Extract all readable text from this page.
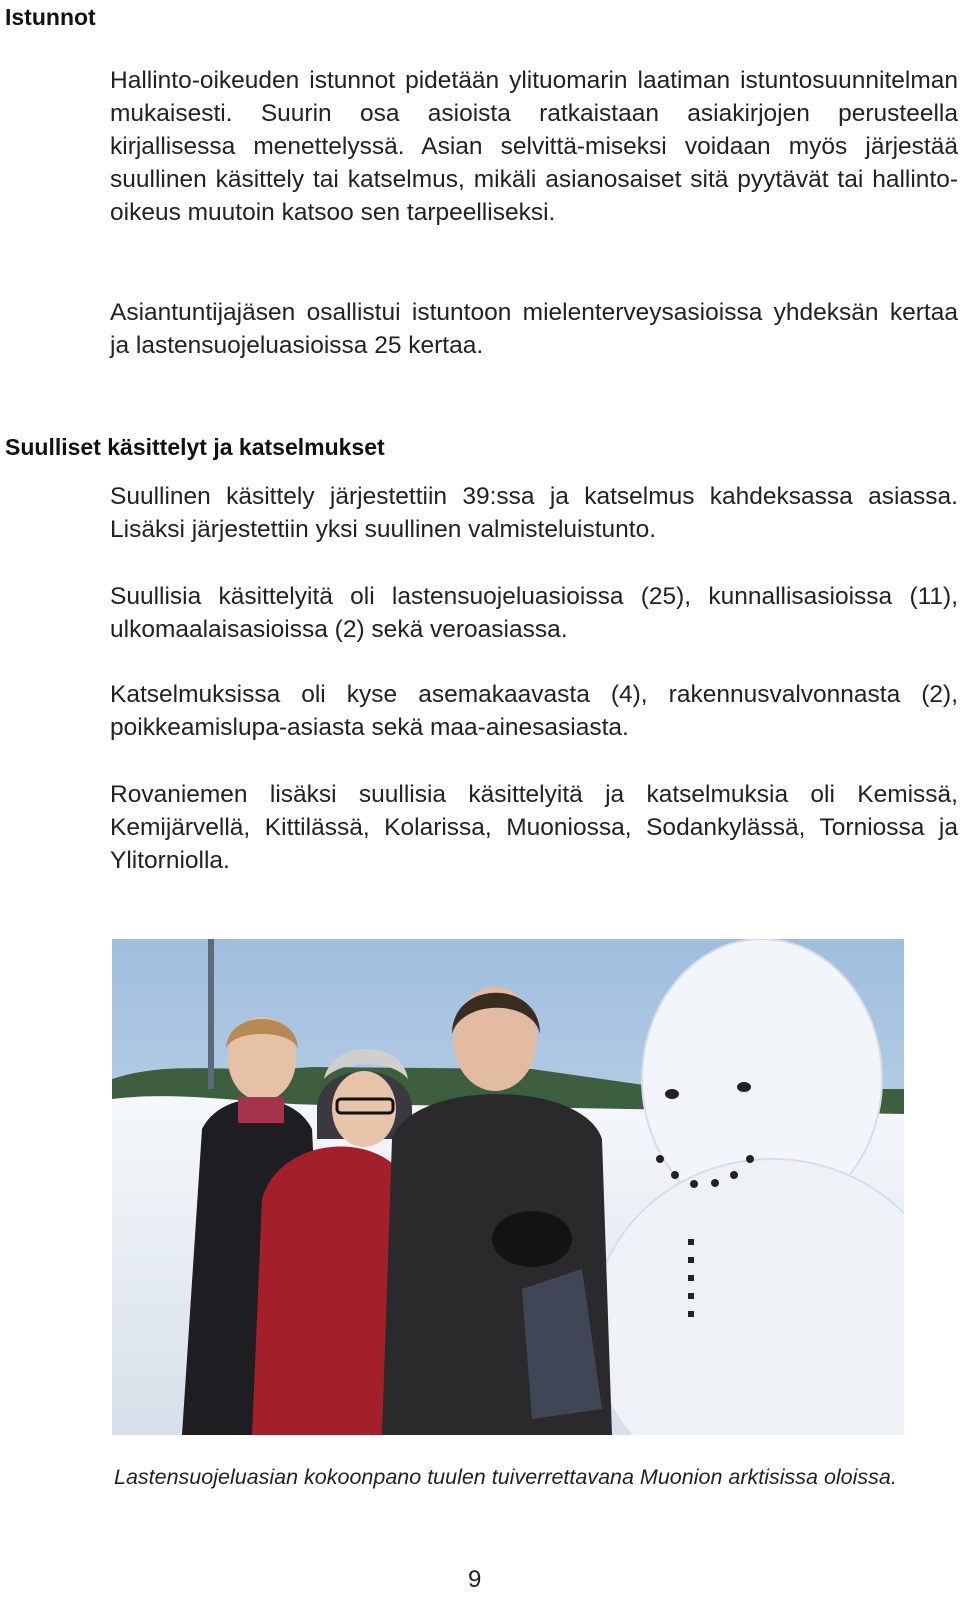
Istunnot

Hallinto-oikeuden istunnot pidetään ylituomarin laatiman istuntosuunnitelman mukaisesti. Suurin osa asioista ratkaistaan asiakirjojen perusteella kirjallisessa menettelyssä. Asian selvittä-miseksi voidaan myös järjestää suullinen käsittely tai katselmus, mikäli asianosaiset sitä pyytävät tai hallinto-oikeus muutoin katsoo sen tarpeelliseksi.

Asiantuntijajäsen osallistui istuntoon mielenterveysasioissa yhdeksän kertaa ja lastensuojeluasioissa 25 kertaa.

Suulliset käsittelyt ja katselmukset

Suullinen käsittely järjestettiin 39:ssa ja katselmus kahdeksassa asiassa. Lisäksi järjestettiin yksi suullinen valmisteluistunto.

Suullisia käsittelyitä oli lastensuojeluasioissa (25), kunnallisasioissa (11), ulkomaalaisasioissa (2) sekä veroasiassa.

Katselmuksissa oli kyse asemakaavasta (4), rakennusvalvonnasta (2), poikkeamislupa-asiasta sekä maa-ainesasiasta.

Rovaniemen lisäksi suullisia käsittelyitä ja katselmuksia oli Kemissä, Kemijärvellä, Kittilässä, Kolarissa, Muoniossa, Sodankylässä, Torniossa ja Ylitorniolla.

Lastensuojeluasian kokoonpano tuulen tuiverrettavana Muonion arktisissa oloissa.

9
